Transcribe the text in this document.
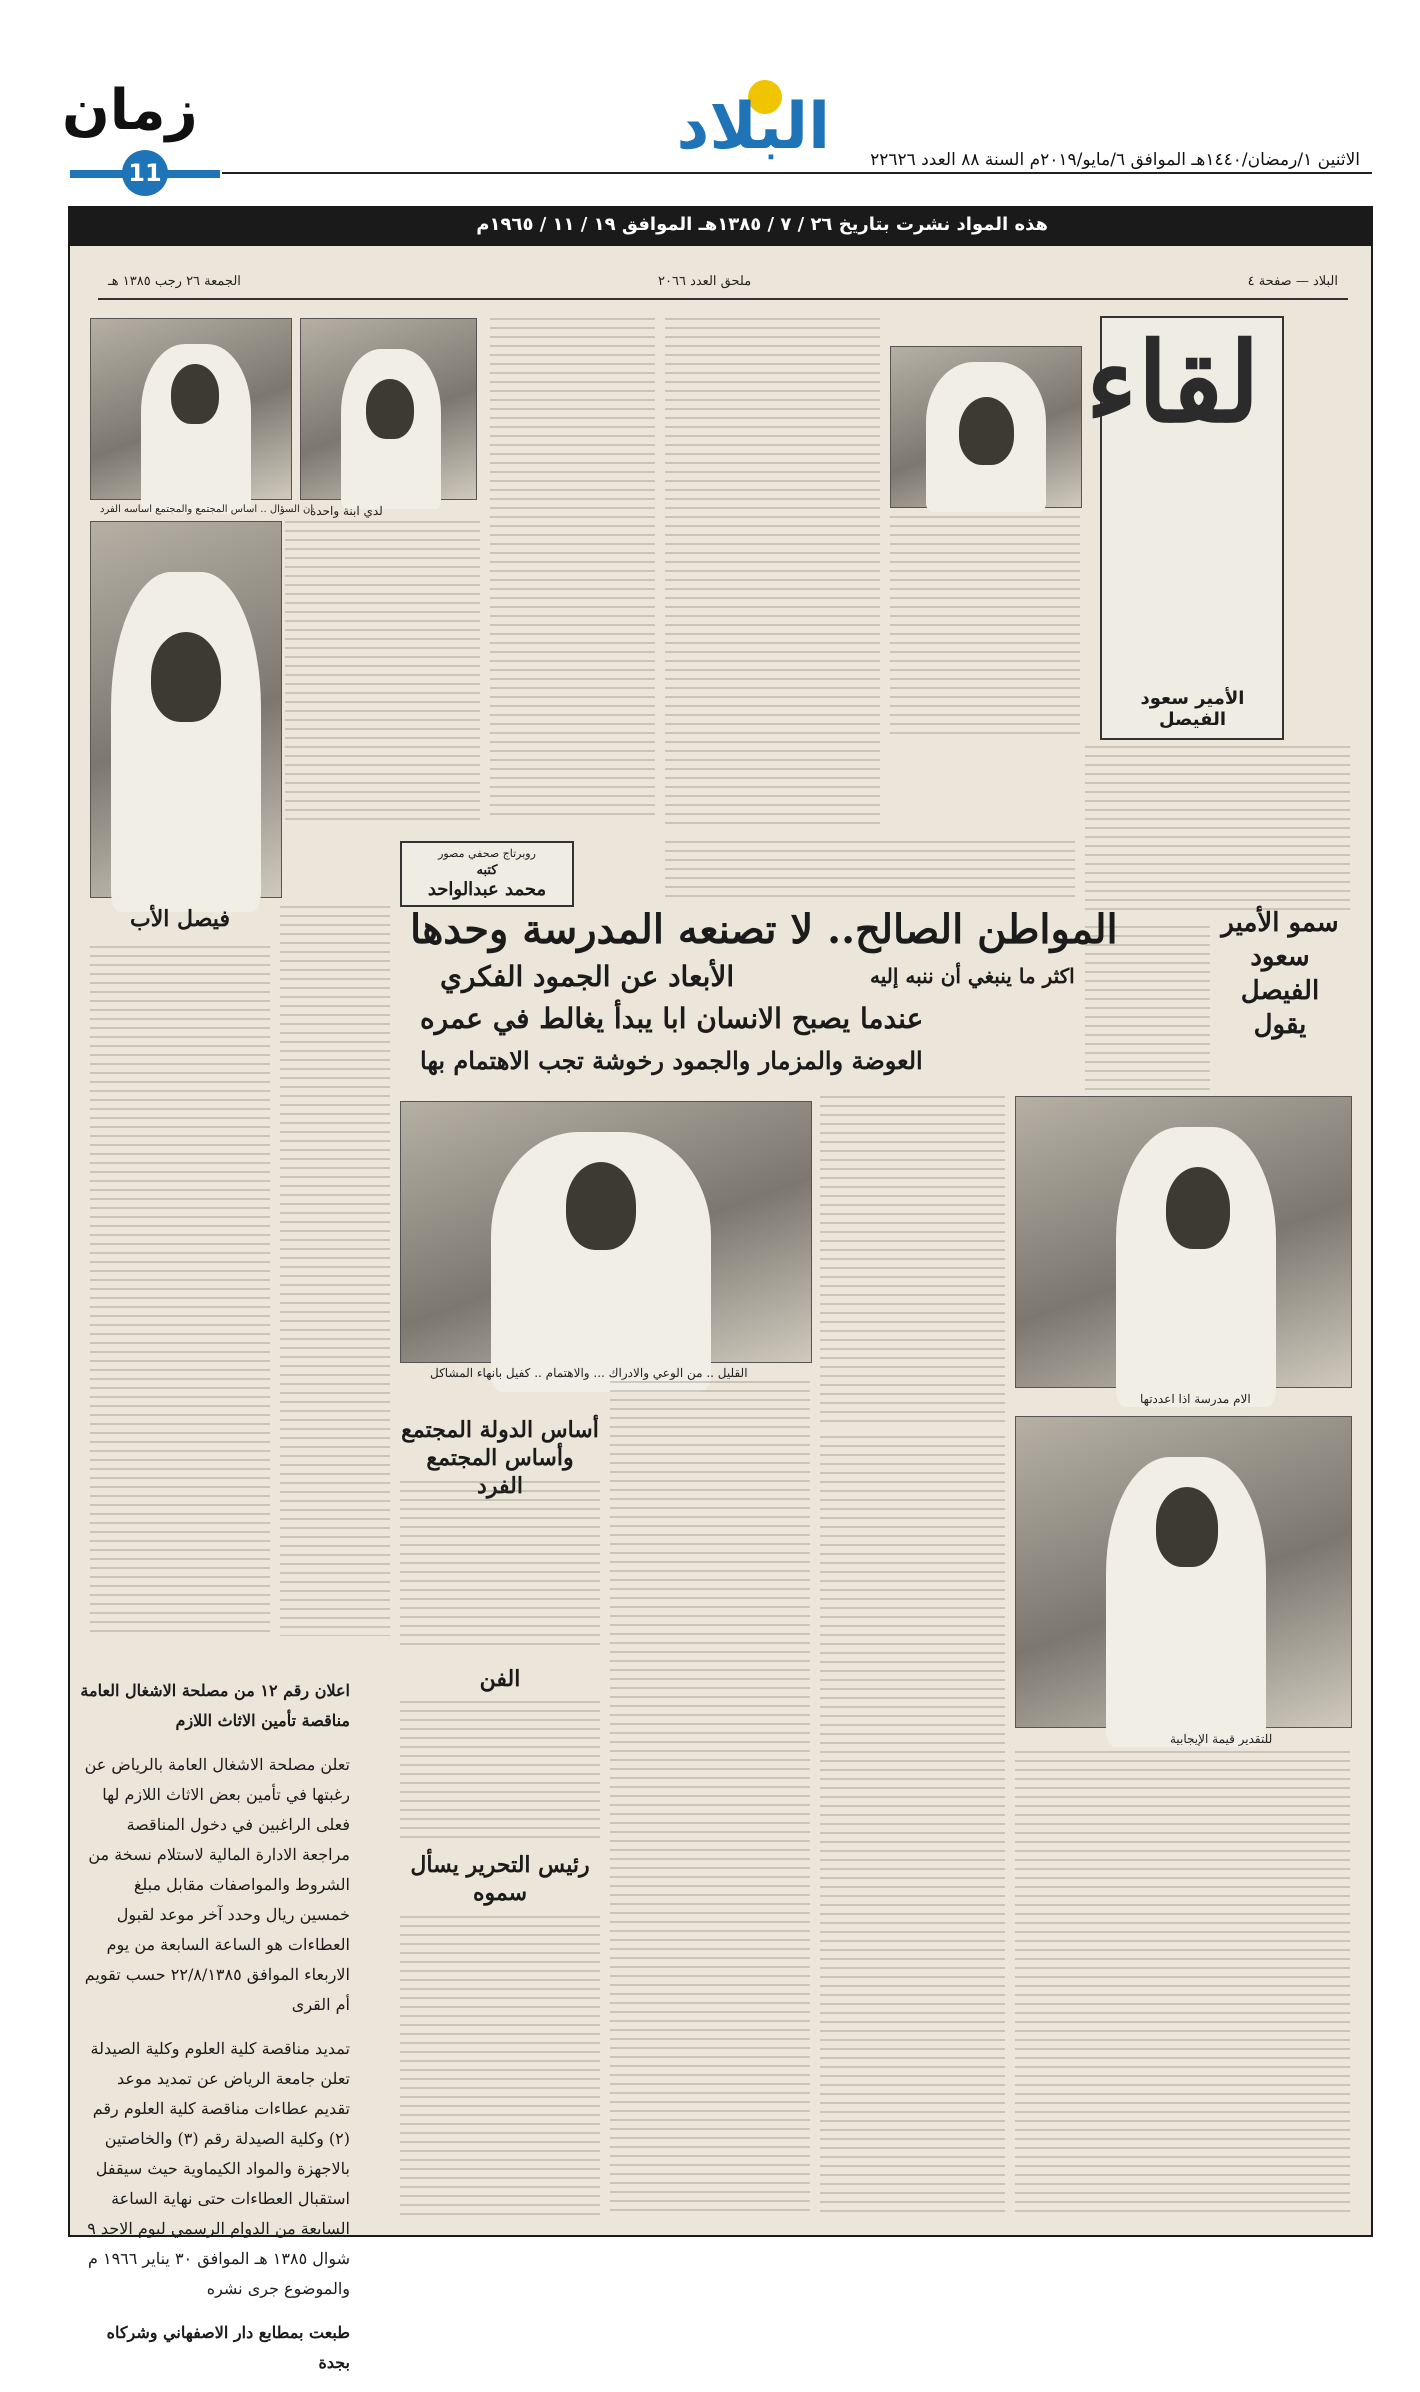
زمان
11
البلاد الاثنين ١/رمضان/١٤٤٠هـ الموافق ٦/مايو/٢٠١٩م السنة ٨٨ العدد ٢٢٦٢٦
هذه المواد نشرت بتاريخ ٢٦ / ٧ / ١٣٨٥هـ الموافق ١٩ / ١١ / ١٩٦٥م
الجمعة ٢٦ رجب ١٣٨٥ هـ	ملحق العدد ٢٠٦٦	البلاد — صفحة ٤
لقاء
الأمير سعود الفيصل
لدي ابنة واحدة
ان السؤال .. اساس المجتمع والمجتمع اساسه الفرد
روبرتاج صحفي مصور
كتبه
محمد عبدالواحد
المواطن الصالح.. لا تصنعه المدرسة وحدها	سمو الأمير سعود الفيصل يقول
الأبعاد عن الجمود الفكري	اكثر ما ينبغي أن ننبه إليه
عندما يصبح الانسان ابا يبدأ يغالط في عمره
العوضة والمزمار والجمود رخوشة تجب الاهتمام بها
فيصل الأب
القليل .. من الوعي والادراك ... والاهتمام .. كفيل بانهاء المشاكل
الام مدرسة اذا اعددتها
للتقدير قيمة الإيجابية
أساس الدولة المجتمع وأساس المجتمع الفرد
الفن
رئيس التحرير يسأل سموه

اعلان رقم ١٢ من مصلحة الاشغال العامة مناقصة تأمين الاثاث اللازم

تعلن مصلحة الاشغال العامة بالرياض عن رغبتها في تأمين بعض الاثاث اللازم لها فعلى الراغبين في دخول المناقصة مراجعة الادارة المالية لاستلام نسخة من الشروط والمواصفات مقابل مبلغ خمسين ريال وحدد آخر موعد لقبول العطاءات هو الساعة السابعة من يوم الاربعاء الموافق ٢٢/٨/١٣٨٥ حسب تقويم أم القرى

تمديد مناقصة كلية العلوم وكلية الصيدلة تعلن جامعة الرياض عن تمديد موعد تقديم عطاءات مناقصة كلية العلوم رقم (٢) وكلية الصيدلة رقم (٣) والخاصتين بالاجهزة والمواد الكيماوية حيث سيقفل استقبال العطاءات حتى نهاية الساعة السابعة من الدوام الرسمي ليوم الاحد ٩ شوال ١٣٨٥ هـ الموافق ٣٠ يناير ١٩٦٦ م والموضوع جرى نشره

طبعت بمطابع دار الاصفهاني وشركاه بجدة
